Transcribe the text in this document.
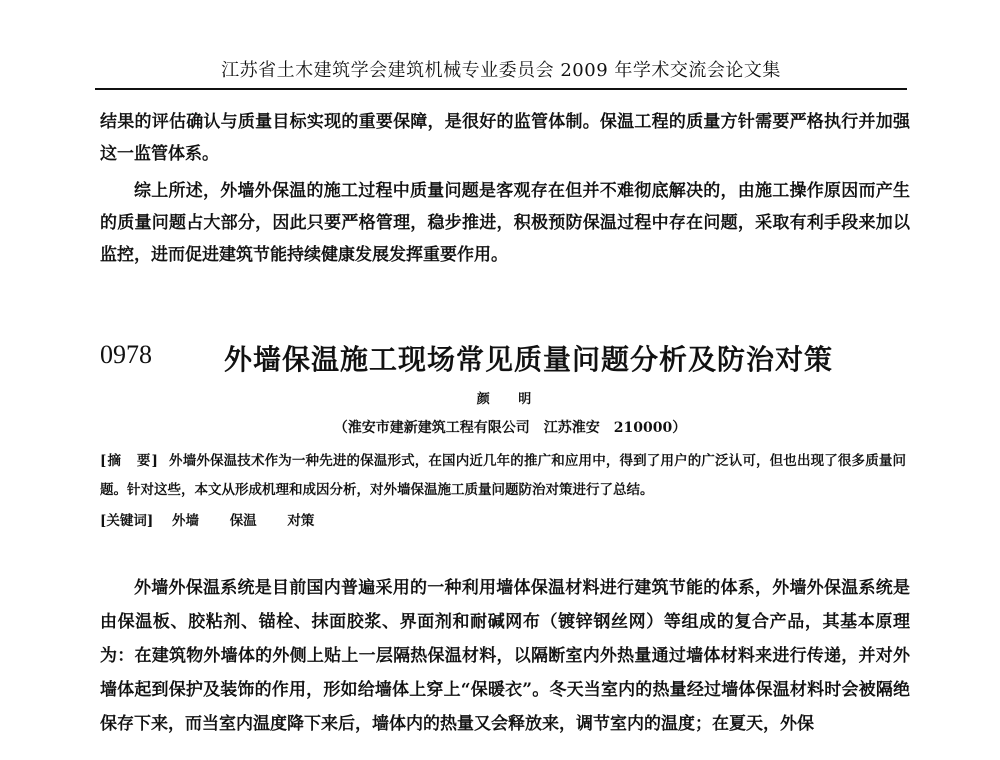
江苏省土木建筑学会建筑机械专业委员会 2009 年学术交流会论文集

结果的评估确认与质量目标实现的重要保障，是很好的监管体制。保温工程的质量方针需要严格执行并加强这一监管体系。

综上所述，外墙外保温的施工过程中质量问题是客观存在但并不难彻底解决的，由施工操作原因而产生的质量问题占大部分，因此只要严格管理，稳步推进，积极预防保温过程中存在问题，采取有利手段来加以监控，进而促进建筑节能持续健康发展发挥重要作用。

0978	外墙保温施工现场常见质量问题分析及防治对策
颜 明
（淮安市建新建筑工程有限公司　江苏淮安　210000）

[摘　要] 外墙外保温技术作为一种先进的保温形式，在国内近几年的推广和应用中，得到了用户的广泛认可，但也出现了很多质量问题。针对这些，本文从形成机理和成因分析，对外墙保温施工质量问题防治对策进行了总结。

[关键词] 外墙 保温 对策

外墙外保温系统是目前国内普遍采用的一种利用墙体保温材料进行建筑节能的体系，外墙外保温系统是由保温板、胶粘剂、锚栓、抹面胶浆、界面剂和耐碱网布（镀锌钢丝网）等组成的复合产品，其基本原理为：在建筑物外墙体的外侧上贴上一层隔热保温材料，以隔断室内外热量通过墙体材料来进行传递，并对外墙体起到保护及装饰的作用，形如给墙体上穿上“保暖衣”。冬天当室内的热量经过墙体保温材料时会被隔绝保存下来，而当室内温度降下来后，墙体内的热量又会释放来，调节室内的温度；在夏天，外保
